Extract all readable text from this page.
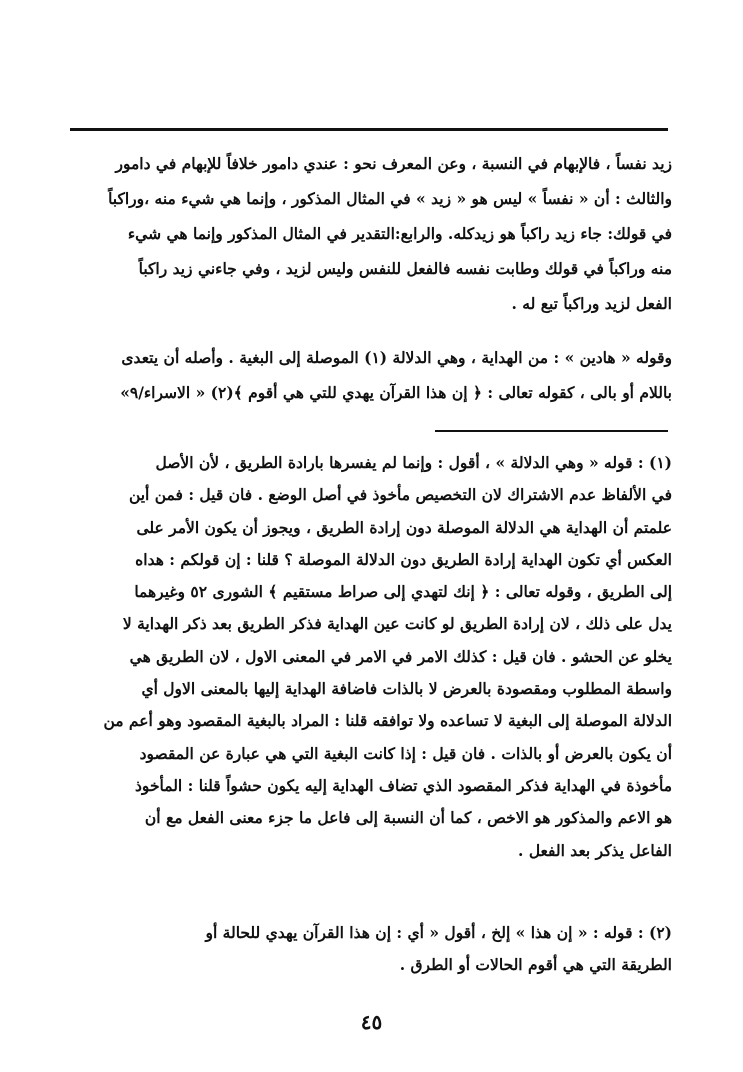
زيد نفساً ، فالإبهام في النسبة ، وعن المعرف نحو : عندي دامور خلافاً للإبهام في دامور
والثالث : أن « نفساً » ليس هو « زيد » في المثال المذكور ، وإنما هي شيء منه ،وراكباً
في قولك: جاء زيد راكباً هو زيدكله. والرابع:التقدير في المثال المذكور وإنما هي شيء
منه وراكباً في قولك وطابت نفسه فالفعل للنفس وليس لزيد ، وفي جاءني زيد راكباً
الفعل لزيد وراكباً تبع له .
وقوله « هادين » : من الهداية ، وهي الدلالة (١) الموصلة إلى البغية . وأصله أن يتعدى
باللام أو بالى ، كقوله تعالى : ﴿ إن هذا القرآن يهدي للتي هي أقوم ﴾(٢) « الاسراء/٩»
(١) : قوله « وهي الدلالة » ، أقول : وإنما لم يفسرها بارادة الطريق ، لأن الأصل
في الألفاظ عدم الاشتراك لان التخصيص مأخوذ في أصل الوضع . فان قيل : فمن أين
علمتم أن الهداية هي الدلالة الموصلة دون إرادة الطريق ، ويجوز أن يكون الأمر على
العكس أي تكون الهداية إرادة الطريق دون الدلالة الموصلة ؟ قلنا : إن قولكم : هداه
إلى الطريق ، وقوله تعالى : ﴿ إنك لتهدي إلى صراط مستقيم ﴾ الشورى ٥٢ وغيرهما
يدل على ذلك ، لان إرادة الطريق لو كانت عين الهداية فذكر الطريق بعد ذكر الهداية لا
يخلو عن الحشو . فان قيل : كذلك الامر في الامر في المعنى الاول ، لان الطريق هي
واسطة المطلوب ومقصودة بالعرض لا بالذات فاضافة الهداية إليها بالمعنى الاول أي
الدلالة الموصلة إلى البغية لا تساعده ولا توافقه قلنا : المراد بالبغية المقصود وهو أعم من
أن يكون بالعرض أو بالذات . فان قيل : إذا كانت البغية التي هي عبارة عن المقصود
مأخوذة في الهداية فذكر المقصود الذي تضاف الهداية إليه يكون حشواً قلنا : المأخوذ
هو الاعم والمذكور هو الاخص ، كما أن النسبة إلى فاعل ما جزء معنى الفعل مع أن
الفاعل يذكر بعد الفعل .
(٢) : قوله : « إن هذا » إلخ ، أقول « أي : إن هذا القرآن يهدي للحالة أو
الطريقة التي هي أقوم الحالات أو الطرق .
٤٥
